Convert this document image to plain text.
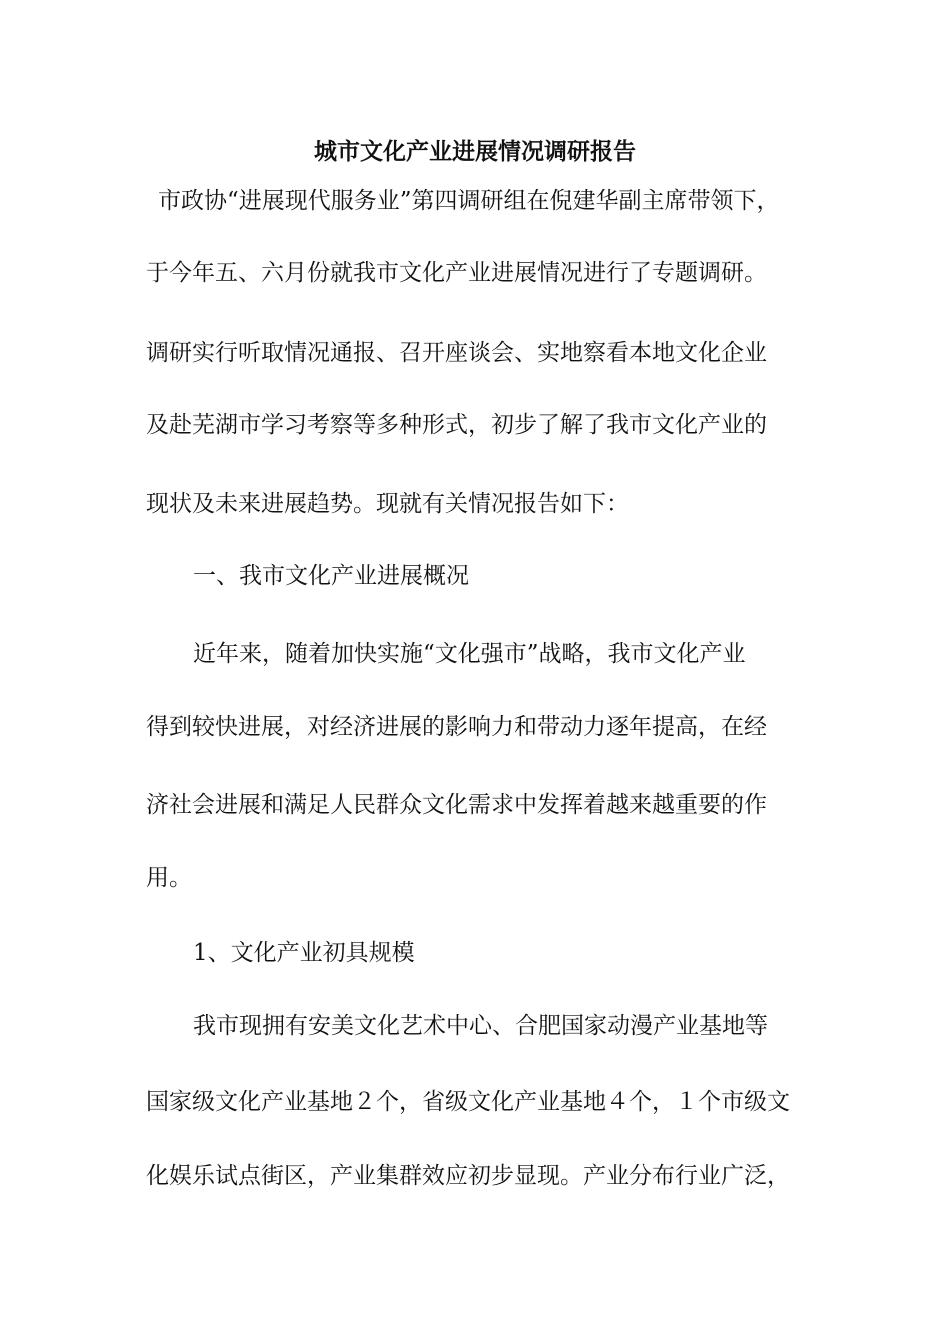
城市文化产业进展情况调研报告
市政协“进展现代服务业”第四调研组在倪建华副主席带领下，
于今年五、六月份就我市文化产业进展情况进行了专题调研。
调研实行听取情况通报、召开座谈会、实地察看本地文化企业
及赴芜湖市学习考察等多种形式，初步了解了我市文化产业的
现状及未来进展趋势。现就有关情况报告如下：
一、我市文化产业进展概况
近年来，随着加快实施“文化强市”战略，我市文化产业
得到较快进展，对经济进展的影响力和带动力逐年提高，在经
济社会进展和满足人民群众文化需求中发挥着越来越重要的作
用。
1、文化产业初具规模
我市现拥有安美文化艺术中心、合肥国家动漫产业基地等
国家级文化产业基地２个，省级文化产业基地４个，１个市级文
化娱乐试点街区，产业集群效应初步显现。产业分布行业广泛，
